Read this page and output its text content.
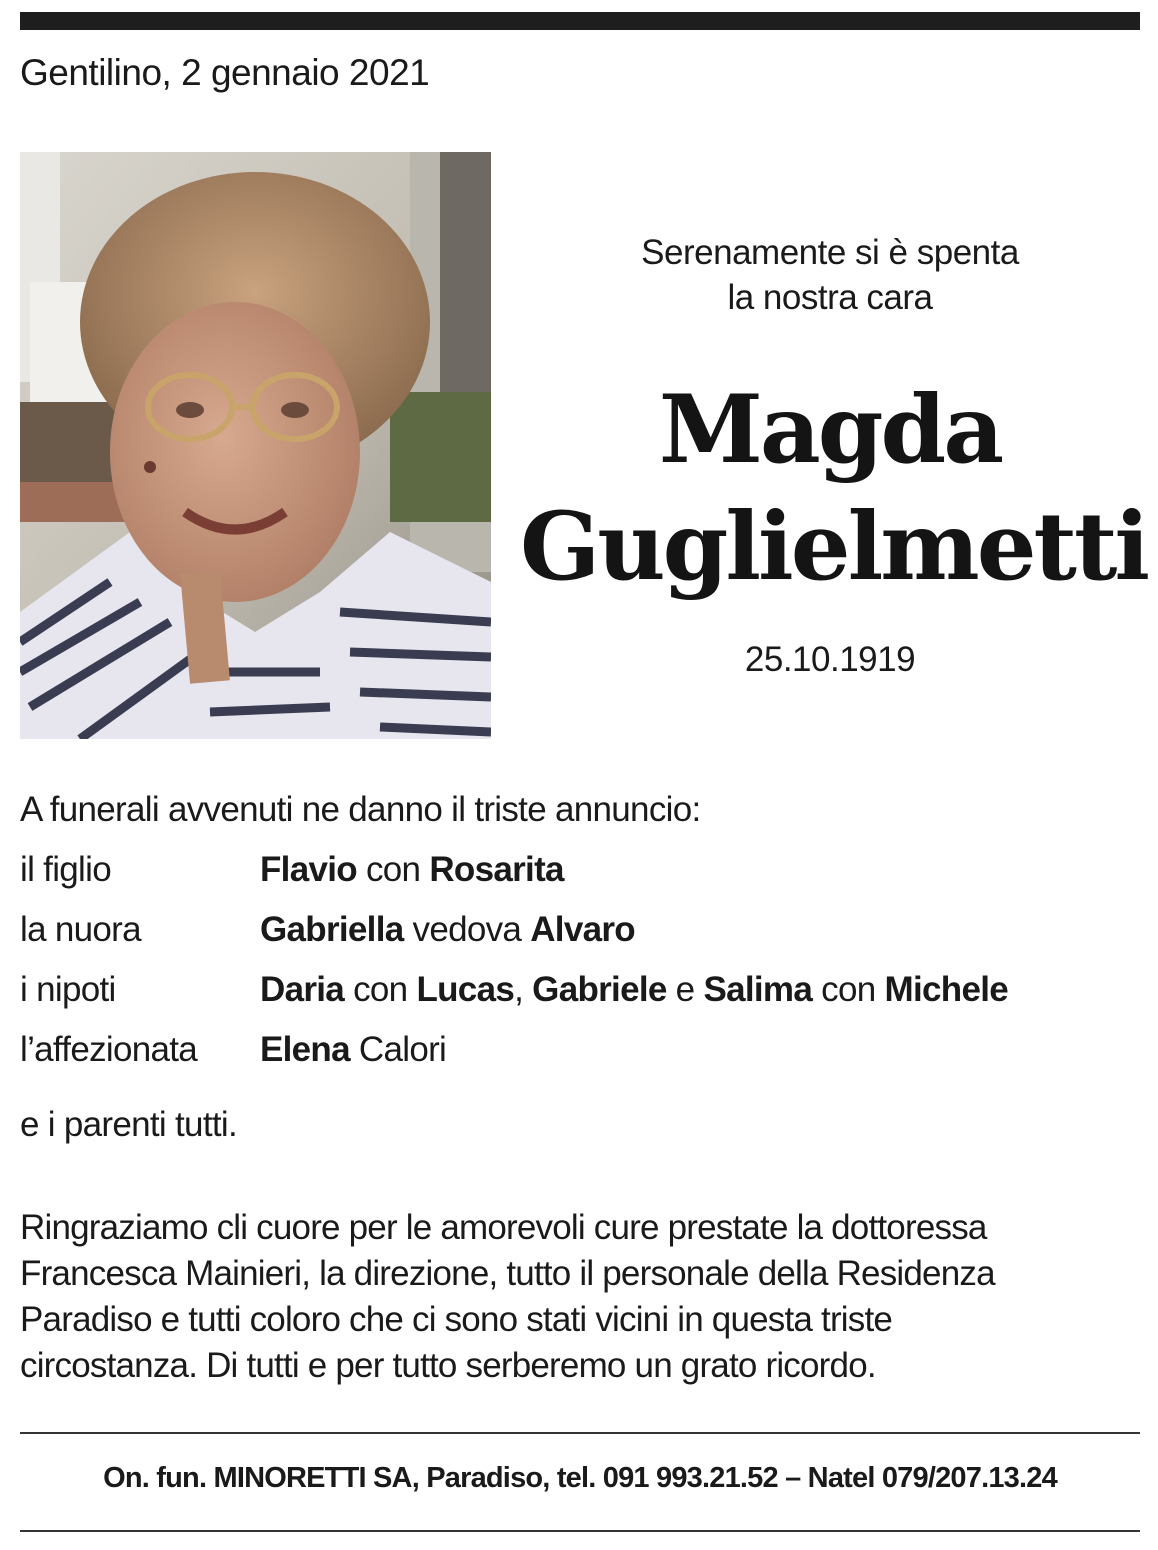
Gentilino, 2 gennaio 2021
Serenamente si è spenta
la nostra cara
Magda
Guglielmetti
25.10.1919
A funerali avvenuti ne danno il triste annuncio:
il figlio	Flavio con Rosarita
la nuora	Gabriella vedova Alvaro
i nipoti	Daria con Lucas, Gabriele e Salima con Michele
l’affezionata Elena Calori
e i parenti tutti.
Ringraziamo cli cuore per le amorevoli cure prestate la dottoressa
Francesca Mainieri, la direzione, tutto il personale della Residenza
Paradiso e tutti coloro che ci sono stati vicini in questa triste
circostanza. Di tutti e per tutto serberemo un grato ricordo.
On. fun. MINORETTI SA, Paradiso, tel. 091 993.21.52 – Natel 079/207.13.24
